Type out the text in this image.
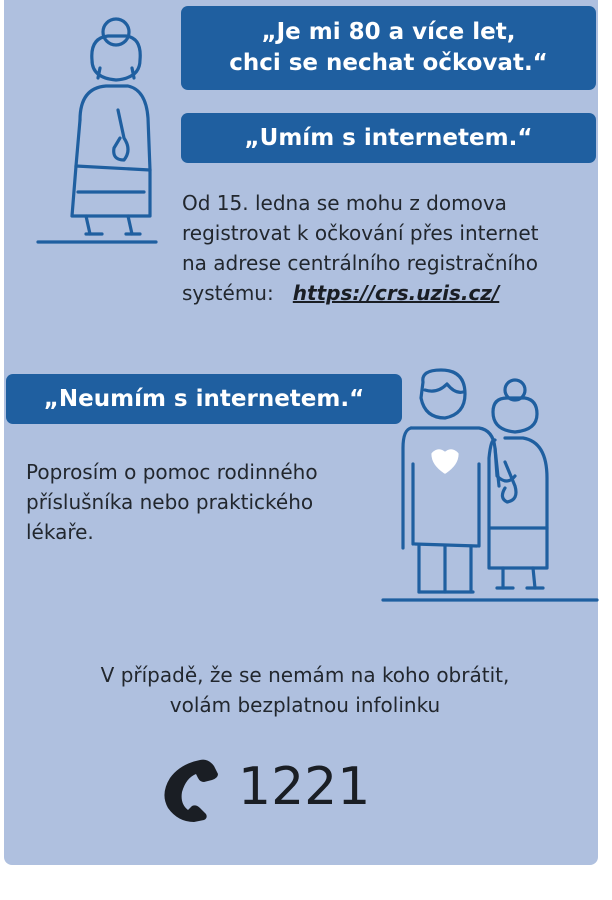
„Je mi 80 a více let,
chci se nechat očkovat.“
„Umím s internetem.“
Od 15. ledna se mohu z domova
registrovat k očkování přes internet
na adrese centrálního registračního
systému: https://crs.uzis.cz/
„Neumím s internetem.“
Poprosím o pomoc rodinného
příslušníka nebo praktického
lékaře.
V případě, že se nemám na koho obrátit,
volám bezplatnou infolinku
1221
